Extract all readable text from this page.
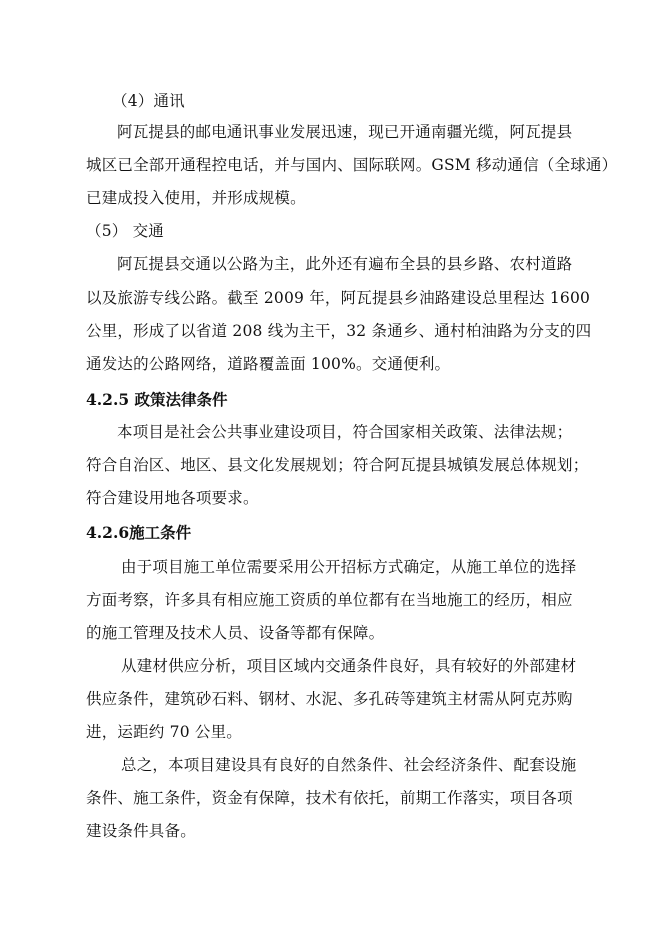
（4）通讯
阿瓦提县的邮电通讯事业发展迅速，现已开通南疆光缆，阿瓦提县
城区已全部开通程控电话，并与国内、国际联网。GSM 移动通信（全球通）
已建成投入使用，并形成规模。
（5） 交通
阿瓦提县交通以公路为主，此外还有遍布全县的县乡路、农村道路
以及旅游专线公路。截至 2009 年，阿瓦提县乡油路建设总里程达 1600
公里，形成了以省道 208 线为主干，32 条通乡、通村柏油路为分支的四
通发达的公路网络，道路覆盖面 100%。交通便利。
4.2.5 政策法律条件
本项目是社会公共事业建设项目，符合国家相关政策、法律法规；
符合自治区、地区、县文化发展规划；符合阿瓦提县城镇发展总体规划；
符合建设用地各项要求。
4.2.6施工条件
由于项目施工单位需要采用公开招标方式确定，从施工单位的选择
方面考察，许多具有相应施工资质的单位都有在当地施工的经历，相应
的施工管理及技术人员、设备等都有保障。
从建材供应分析，项目区域内交通条件良好，具有较好的外部建材
供应条件，建筑砂石料、钢材、水泥、多孔砖等建筑主材需从阿克苏购
进，运距约 70 公里。
总之，本项目建设具有良好的自然条件、社会经济条件、配套设施
条件、施工条件，资金有保障，技术有依托，前期工作落实，项目各项
建设条件具备。
